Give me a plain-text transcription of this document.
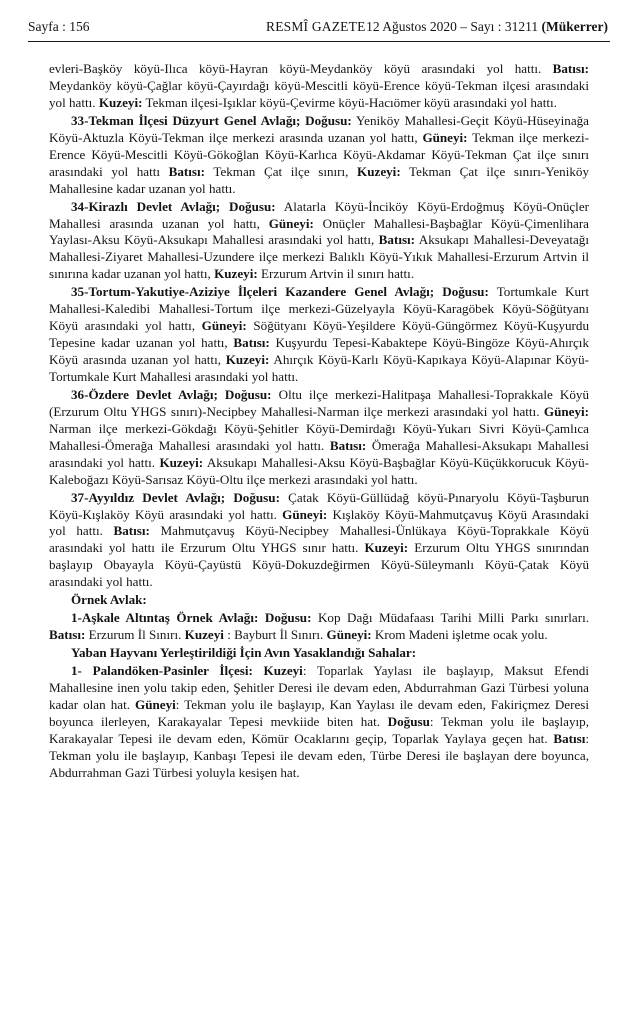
Sayfa : 156	RESMÎ GAZETE 12 Ağustos 2020 – Sayı : 31211 (Mükerrer)

evleri-Başköy köyü-Ilıca köyü-Hayran köyü-Meydanköy köyü arasındaki yol hattı. Batısı: Meydanköy köyü-Çağlar köyü-Çayırdağı köyü-Mescitli köyü-Erence köyü-Tekman ilçesi arasındaki yol hattı. Kuzeyi: Tekman ilçesi-Işıklar köyü-Çevirme köyü-Hacıömer köyü arasındaki yol hattı.

33-Tekman İlçesi Düzyurt Genel Avlağı; Doğusu: Yeniköy Mahallesi-Geçit Köyü-Hüseyinağa Köyü-Aktuzla Köyü-Tekman ilçe merkezi arasında uzanan yol hattı, Güneyi: Tekman ilçe merkezi-Erence Köyü-Mescitli Köyü-Gökoğlan Köyü-Karlıca Köyü-Akdamar Köyü-Tekman Çat ilçe sınırı arasındaki yol hattı Batısı: Tekman Çat ilçe sınırı, Kuzeyi: Tekman Çat ilçe sınırı-Yeniköy Mahallesine kadar uzanan yol hattı.

34-Kirazlı Devlet Avlağı; Doğusu: Alatarla Köyü-İnciköy Köyü-Erdoğmuş Köyü-Onüçler Mahallesi arasında uzanan yol hattı, Güneyi: Onüçler Mahallesi-Başbağlar Köyü-Çimenlihara Yaylası-Aksu Köyü-Aksukapı Mahallesi arasındaki yol hattı, Batısı: Aksukapı Mahallesi-Deveyatağı Mahallesi-Ziyaret Mahallesi-Uzundere ilçe merkezi Balıklı Köyü-Yıkık Mahallesi-Erzurum Artvin il sınırına kadar uzanan yol hattı, Kuzeyi: Erzurum Artvin il sınırı hattı.

35-Tortum-Yakutiye-Aziziye İlçeleri Kazandere Genel Avlağı; Doğusu: Tortumkale Kurt Mahallesi-Kaledibi Mahallesi-Tortum ilçe merkezi-Güzelyayla Köyü-Karagöbek Köyü-Söğütyanı Köyü arasındaki yol hattı, Güneyi: Söğütyanı Köyü-Yeşildere Köyü-Güngörmez Köyü-Kuşyurdu Tepesine kadar uzanan yol hattı, Batısı: Kuşyurdu Tepesi-Kabaktepe Köyü-Bingöze Köyü-Ahırçık Köyü arasında uzanan yol hattı, Kuzeyi: Ahırçık Köyü-Karlı Köyü-Kapıkaya Köyü-Alapınar Köyü-Tortumkale Kurt Mahallesi arasındaki yol hattı.

36-Özdere Devlet Avlağı; Doğusu: Oltu ilçe merkezi-Halitpaşa Mahallesi-Toprakkale Köyü (Erzurum Oltu YHGS sınırı)-Necipbey Mahallesi-Narman ilçe merkezi arasındaki yol hattı. Güneyi: Narman ilçe merkezi-Gökdağı Köyü-Şehitler Köyü-Demirdağı Köyü-Yukarı Sivri Köyü-Çamlıca Mahallesi-Ömerağa Mahallesi arasındaki yol hattı. Batısı: Ömerağa Mahallesi-Aksukapı Mahallesi arasındaki yol hattı. Kuzeyi: Aksukapı Mahallesi-Aksu Köyü-Başbağlar Köyü-Küçükkorucuk Köyü-Kaleboğazı Köyü-Sarısaz Köyü-Oltu ilçe merkezi arasındaki yol hattı.

37-Ayyıldız Devlet Avlağı; Doğusu: Çatak Köyü-Güllüdağ köyü-Pınaryolu Köyü-Taşburun Köyü-Kışlaköy Köyü arasındaki yol hattı. Güneyi: Kışlaköy Köyü-Mahmutçavuş Köyü Arasındaki yol hattı. Batısı: Mahmutçavuş Köyü-Necipbey Mahallesi-Ünlükaya Köyü-Toprakkale Köyü arasındaki yol hattı ile Erzurum Oltu YHGS sınır hattı. Kuzeyi: Erzurum Oltu YHGS sınırından başlayıp Obayayla Köyü-Çayüstü Köyü-Dokuzdeğirmen Köyü-Süleymanlı Köyü-Çatak Köyü arasındaki yol hattı.

Örnek Avlak:

1-Aşkale Altıntaş Örnek Avlağı: Doğusu: Kop Dağı Müdafaası Tarihi Milli Parkı sınırları. Batısı: Erzurum İl Sınırı. Kuzeyi : Bayburt İl Sınırı. Güneyi: Krom Madeni işletme ocak yolu.

Yaban Hayvanı Yerleştirildiği İçin Avın Yasaklandığı Sahalar:

1- Palandöken-Pasinler İlçesi: Kuzeyi: Toparlak Yaylası ile başlayıp, Maksut Efendi Mahallesine inen yolu takip eden, Şehitler Deresi ile devam eden, Abdurrahman Gazi Türbesi yoluna kadar olan hat. Güneyi: Tekman yolu ile başlayıp, Kan Yaylası ile devam eden, Fakiriçmez Deresi boyunca ilerleyen, Karakayalar Tepesi mevkiide biten hat. Doğusu: Tekman yolu ile başlayıp, Karakayalar Tepesi ile devam eden, Kömür Ocaklarını geçip, Toparlak Yaylaya geçen hat. Batısı: Tekman yolu ile başlayıp, Kanbaşı Tepesi ile devam eden, Türbe Deresi ile başlayan dere boyunca, Abdurrahman Gazi Türbesi yoluyla kesişen hat.
